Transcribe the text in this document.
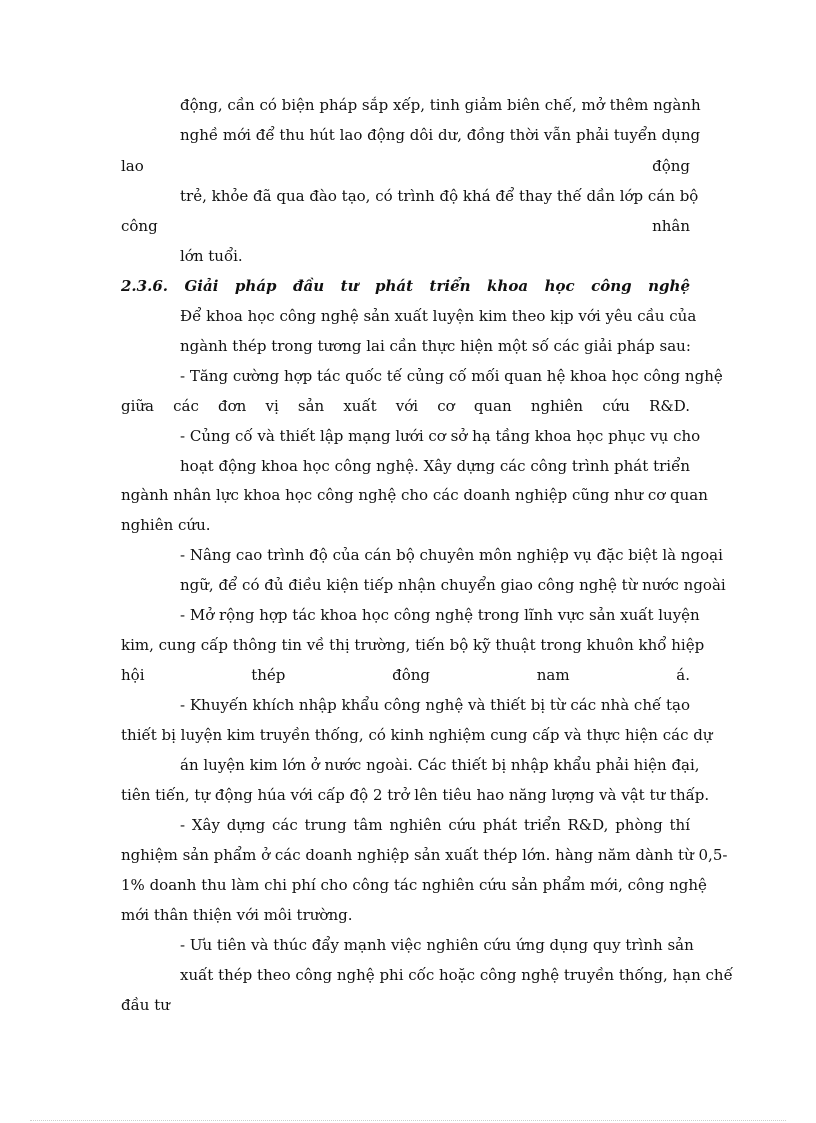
động, cần có biện pháp sắp xếp, tinh giảm biên chế, mở thêm ngành
nghề mới để thu hút lao động dôi dư, đồng thời vẫn phải tuyển dụng
lao	động
trẻ, khỏe đã qua đào tạo, có trình độ khá để thay thế dần lớp cán bộ
công	nhân
lớn tuổi.
2.3.6. Giải pháp đầu tư phát triển khoa học công nghệ
Để khoa học công nghệ sản xuất luyện kim theo kịp với yêu cầu của
ngành thép trong tương lai cần thực hiện một số các giải pháp sau:
- Tăng cường hợp tác quốc tế củng cố mối quan hệ khoa học công nghệ
giữa các đơn vị sản xuất với cơ quan nghiên cứu R&D.
- Củng cố và thiết lập mạng lưới cơ sở hạ tầng khoa học phục vụ cho
hoạt động khoa học công nghệ. Xây dựng các công trình phát triển
ngành nhân lực khoa học công nghệ cho các doanh nghiệp cũng như cơ quan
nghiên cứu.
- Nâng cao trình độ của cán bộ chuyên môn nghiệp vụ đặc biệt là ngoại
ngữ, để có đủ điều kiện tiếp nhận chuyển giao công nghệ từ nước ngoài
- Mở rộng hợp tác khoa học công nghệ trong lĩnh vực sản xuất luyện
kim, cung cấp thông tin về thị trường, tiến bộ kỹ thuật trong khuôn khổ hiệp
hội	thép	đông	nam	á.
- Khuyến khích nhập khẩu công nghệ và thiết bị từ các nhà chế tạo
thiết bị luyện kim truyền thống, có kinh nghiệm cung cấp và thực hiện các dự
án luyện kim lớn ở nước ngoài. Các thiết bị nhập khẩu phải hiện đại,
tiên tiến, tự động húa với cấp độ 2 trở lên tiêu hao năng lượng và vật tư thấp.
- Xây dựng các trung tâm nghiên cứu phát triển R&D, phòng thí
nghiệm sản phẩm ở các doanh nghiệp sản xuất thép lớn. hàng năm dành từ 0,5-
1% doanh thu làm chi phí cho công tác nghiên cứu sản phẩm mới, công nghệ
mới thân thiện với môi trường.
- Ưu tiên và thúc đẩy mạnh việc nghiên cứu ứng dụng quy trình sản
xuất thép theo công nghệ phi cốc hoặc công nghệ truyền thống, hạn chế
đầu tư
